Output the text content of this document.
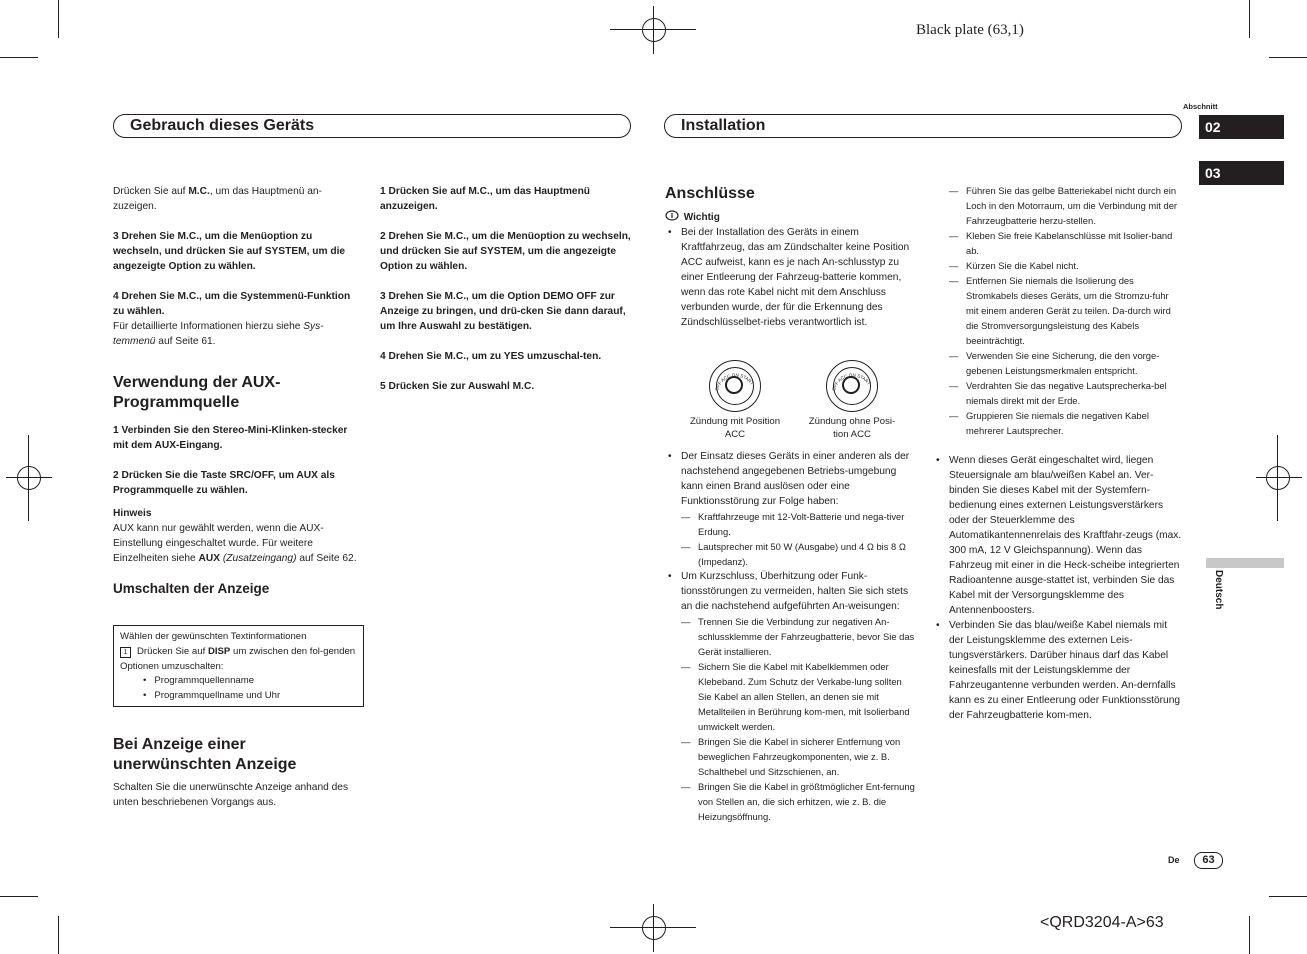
Black plate (63,1)
<QRD3204-A>63
Abschnitt
02
03
Deutsch
Gebrauch dieses Geräts	Installation

Drücken Sie auf M.C., um das Hauptmenü an-zuzeigen.

3 Drehen Sie M.C., um die Menüoption zu wechseln, und drücken Sie auf SYSTEM, um die angezeigte Option zu wählen.

4 Drehen Sie M.C., um die Systemmenü-Funktion zu wählen.

Für detaillierte Informationen hierzu siehe Sys-temmenü auf Seite 61.

Verwendung der AUX-Programmquelle

1 Verbinden Sie den Stereo-Mini-Klinken-stecker mit dem AUX-Eingang.

2 Drücken Sie die Taste SRC/OFF, um AUX als Programmquelle zu wählen.

Hinweis

AUX kann nur gewählt werden, wenn die AUX-Einstellung eingeschaltet wurde. Für weitere Einzelheiten siehe AUX (Zusatzeingang) auf Seite 62.

Umschalten der Anzeige

Wählen der gewünschten Textinformationen
1 Drücken Sie auf DISP um zwischen den fol-genden Optionen umzuschalten:
• Programmquellenname
• Programmquellname und Uhr

Bei Anzeige einer unerwünschten Anzeige

Schalten Sie die unerwünschte Anzeige anhand des unten beschriebenen Vorgangs aus.

1 Drücken Sie auf M.C., um das Hauptmenü anzuzeigen.

2 Drehen Sie M.C., um die Menüoption zu wechseln, und drücken Sie auf SYSTEM, um die angezeigte Option zu wählen.

3 Drehen Sie M.C., um die Option DEMO OFF zur Anzeige zu bringen, und drü-cken Sie dann darauf, um Ihre Auswahl zu bestätigen.

4 Drehen Sie M.C., um zu YES umzuschal-ten.

5 Drücken Sie zur Auswahl M.C.

Anschlüsse

Wichtig

• Bei der Installation des Geräts in einem Kraftfahrzeug, das am Zündschalter keine Position ACC aufweist, kann es je nach An-schlusstyp zu einer Entleerung der Fahrzeug-batterie kommen, wenn das rote Kabel nicht mit dem Anschluss verbunden wurde, der für die Erkennung des Zündschlüsselbet-riebs verantwortlich ist.
OFF ACC ON START
OFF ACC ON START
Zündung mit Position ACC
Zündung ohne Posi-tion ACC
• Der Einsatz dieses Geräts in einer anderen als der nachstehend angegebenen Betriebs-umgebung kann einen Brand auslösen oder eine Funktionsstörung zur Folge haben:
— Kraftfahrzeuge mit 12-Volt-Batterie und nega-tiver Erdung.
— Lautsprecher mit 50 W (Ausgabe) und 4 Ω bis 8 Ω (Impedanz).
• Um Kurzschluss, Überhitzung oder Funk-tionsstörungen zu vermeiden, halten Sie sich stets an die nachstehend aufgeführten An-weisungen:
— Trennen Sie die Verbindung zur negativen An-schlussklemme der Fahrzeugbatterie, bevor Sie das Gerät installieren.
— Sichern Sie die Kabel mit Kabelklemmen oder Klebeband. Zum Schutz der Verkabe-lung sollten Sie Kabel an allen Stellen, an denen sie mit Metallteilen in Berührung kom-men, mit Isolierband umwickelt werden.
— Bringen Sie die Kabel in sicherer Entfernung von beweglichen Fahrzeugkomponenten, wie z. B. Schalthebel und Sitzschienen, an.
— Bringen Sie die Kabel in größtmöglicher Ent-fernung von Stellen an, die sich erhitzen, wie z. B. die Heizungsöffnung.
— Führen Sie das gelbe Batteriekabel nicht durch ein Loch in den Motorraum, um die Verbindung mit der Fahrzeugbatterie herzu-stellen.
— Kleben Sie freie Kabelanschlüsse mit Isolier-band ab.
— Kürzen Sie die Kabel nicht.
— Entfernen Sie niemals die Isolierung des Stromkabels dieses Geräts, um die Stromzu-fuhr mit einem anderen Gerät zu teilen. Da-durch wird die Stromversorgungsleistung des Kabels beeinträchtigt.
— Verwenden Sie eine Sicherung, die den vorge-gebenen Leistungsmerkmalen entspricht.
— Verdrahten Sie das negative Lautsprecherka-bel niemals direkt mit der Erde.
— Gruppieren Sie niemals die negativen Kabel mehrerer Lautsprecher.
• Wenn dieses Gerät eingeschaltet wird, liegen Steuersignale am blau/weißen Kabel an. Ver-binden Sie dieses Kabel mit der Systemfern-bedienung eines externen Leistungsverstärkers oder der Steuerklemme des Automatikantennenrelais des Kraftfahr-zeugs (max. 300 mA, 12 V Gleichspannung). Wenn das Fahrzeug mit einer in die Heck-scheibe integrierten Radioantenne ausge-stattet ist, verbinden Sie das Kabel mit der Versorgungsklemme des Antennenboosters.
• Verbinden Sie das blau/weiße Kabel niemals mit der Leistungsklemme des externen Leis-tungsverstärkers. Darüber hinaus darf das Kabel keinesfalls mit der Leistungsklemme der Fahrzeugantenne verbunden werden. An-dernfalls kann es zu einer Entleerung oder Funktionsstörung der Fahrzeugbatterie kom-men.
De	63
